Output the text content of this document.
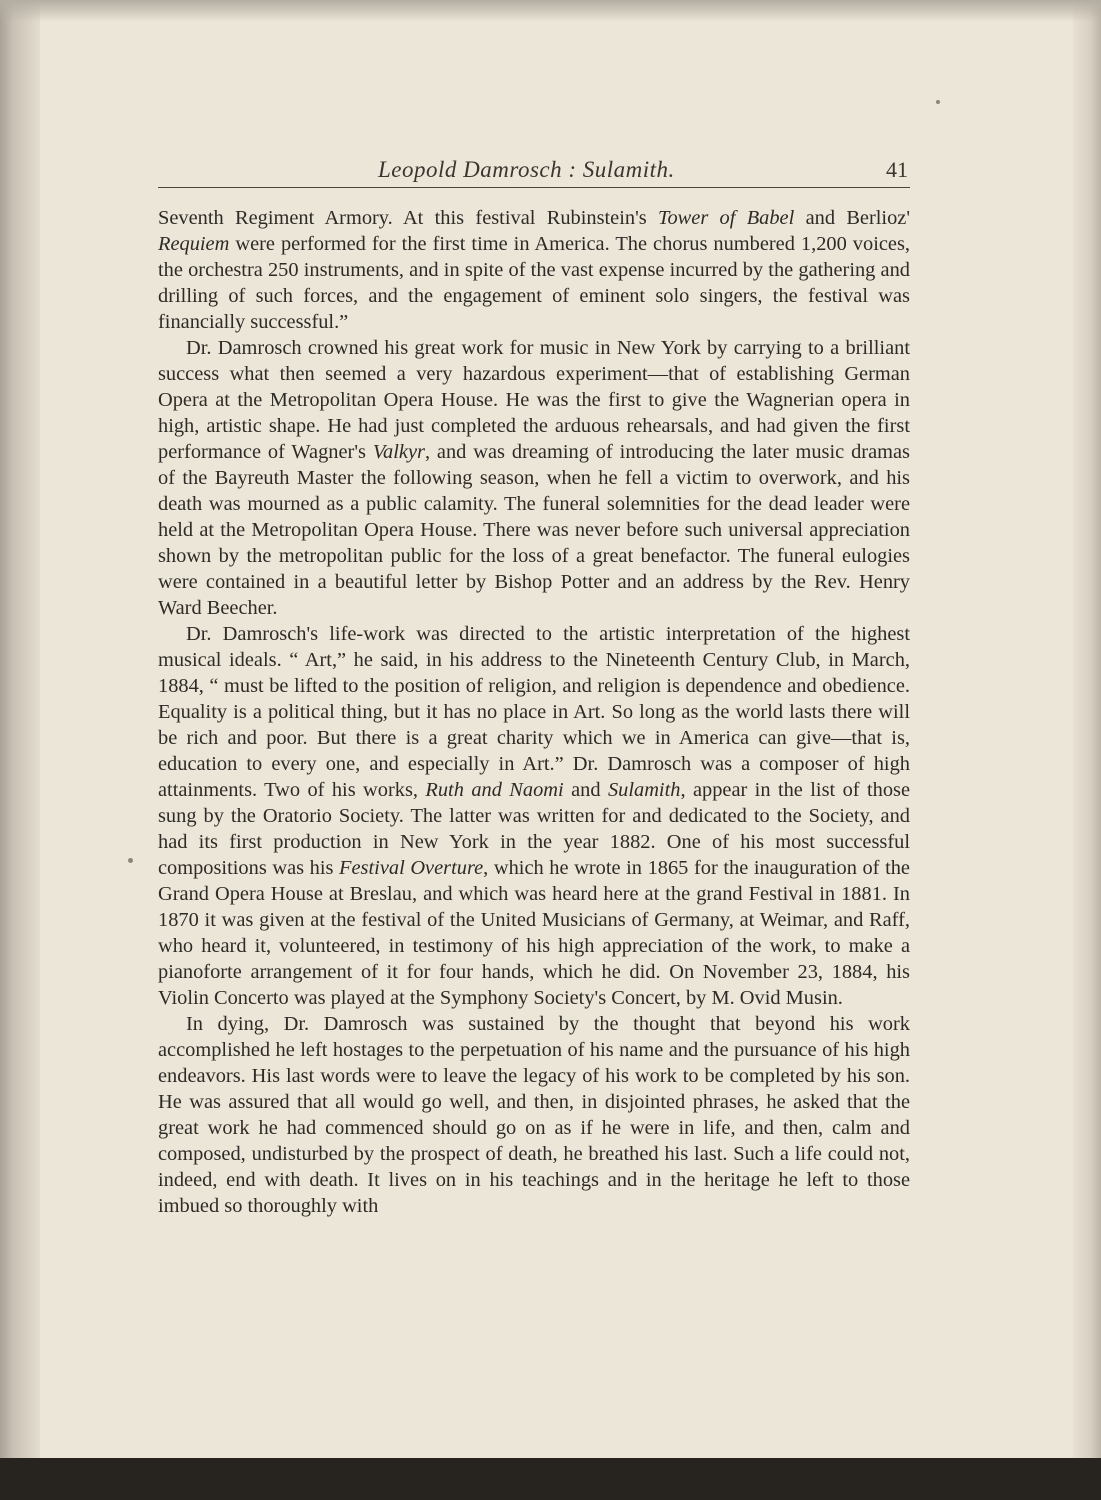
Leopold Damrosch : Sulamith.	41

Seventh Regiment Armory. At this festival Rubinstein's Tower of Babel and Berlioz' Requiem were performed for the first time in America. The chorus numbered 1,200 voices, the orchestra 250 instruments, and in spite of the vast expense incurred by the gathering and drilling of such forces, and the engagement of eminent solo singers, the festival was financially successful.”

Dr. Damrosch crowned his great work for music in New York by carrying to a brilliant success what then seemed a very hazardous experiment—that of establishing German Opera at the Metropolitan Opera House. He was the first to give the Wagnerian opera in high, artistic shape. He had just completed the arduous rehearsals, and had given the first performance of Wagner's Valkyr, and was dreaming of introducing the later music dramas of the Bayreuth Master the following season, when he fell a victim to overwork, and his death was mourned as a public calamity. The funeral solemnities for the dead leader were held at the Metropolitan Opera House. There was never before such universal appreciation shown by the metropolitan public for the loss of a great benefactor. The funeral eulogies were contained in a beautiful letter by Bishop Potter and an address by the Rev. Henry Ward Beecher.

Dr. Damrosch's life-work was directed to the artistic interpretation of the highest musical ideals. “ Art,” he said, in his address to the Nineteenth Century Club, in March, 1884, “ must be lifted to the position of religion, and religion is dependence and obedience. Equality is a political thing, but it has no place in Art. So long as the world lasts there will be rich and poor. But there is a great charity which we in America can give—that is, education to every one, and especially in Art.” Dr. Damrosch was a composer of high attainments. Two of his works, Ruth and Naomi and Sulamith, appear in the list of those sung by the Oratorio Society. The latter was written for and dedicated to the Society, and had its first production in New York in the year 1882. One of his most successful compositions was his Festival Overture, which he wrote in 1865 for the inauguration of the Grand Opera House at Breslau, and which was heard here at the grand Festival in 1881. In 1870 it was given at the festival of the United Musicians of Germany, at Weimar, and Raff, who heard it, volunteered, in testimony of his high appreciation of the work, to make a pianoforte arrangement of it for four hands, which he did. On November 23, 1884, his Violin Concerto was played at the Symphony Society's Concert, by M. Ovid Musin.

In dying, Dr. Damrosch was sustained by the thought that beyond his work accomplished he left hostages to the perpetuation of his name and the pursuance of his high endeavors. His last words were to leave the legacy of his work to be completed by his son. He was assured that all would go well, and then, in disjointed phrases, he asked that the great work he had commenced should go on as if he were in life, and then, calm and composed, undisturbed by the prospect of death, he breathed his last. Such a life could not, indeed, end with death. It lives on in his teachings and in the heritage he left to those imbued so thoroughly with
